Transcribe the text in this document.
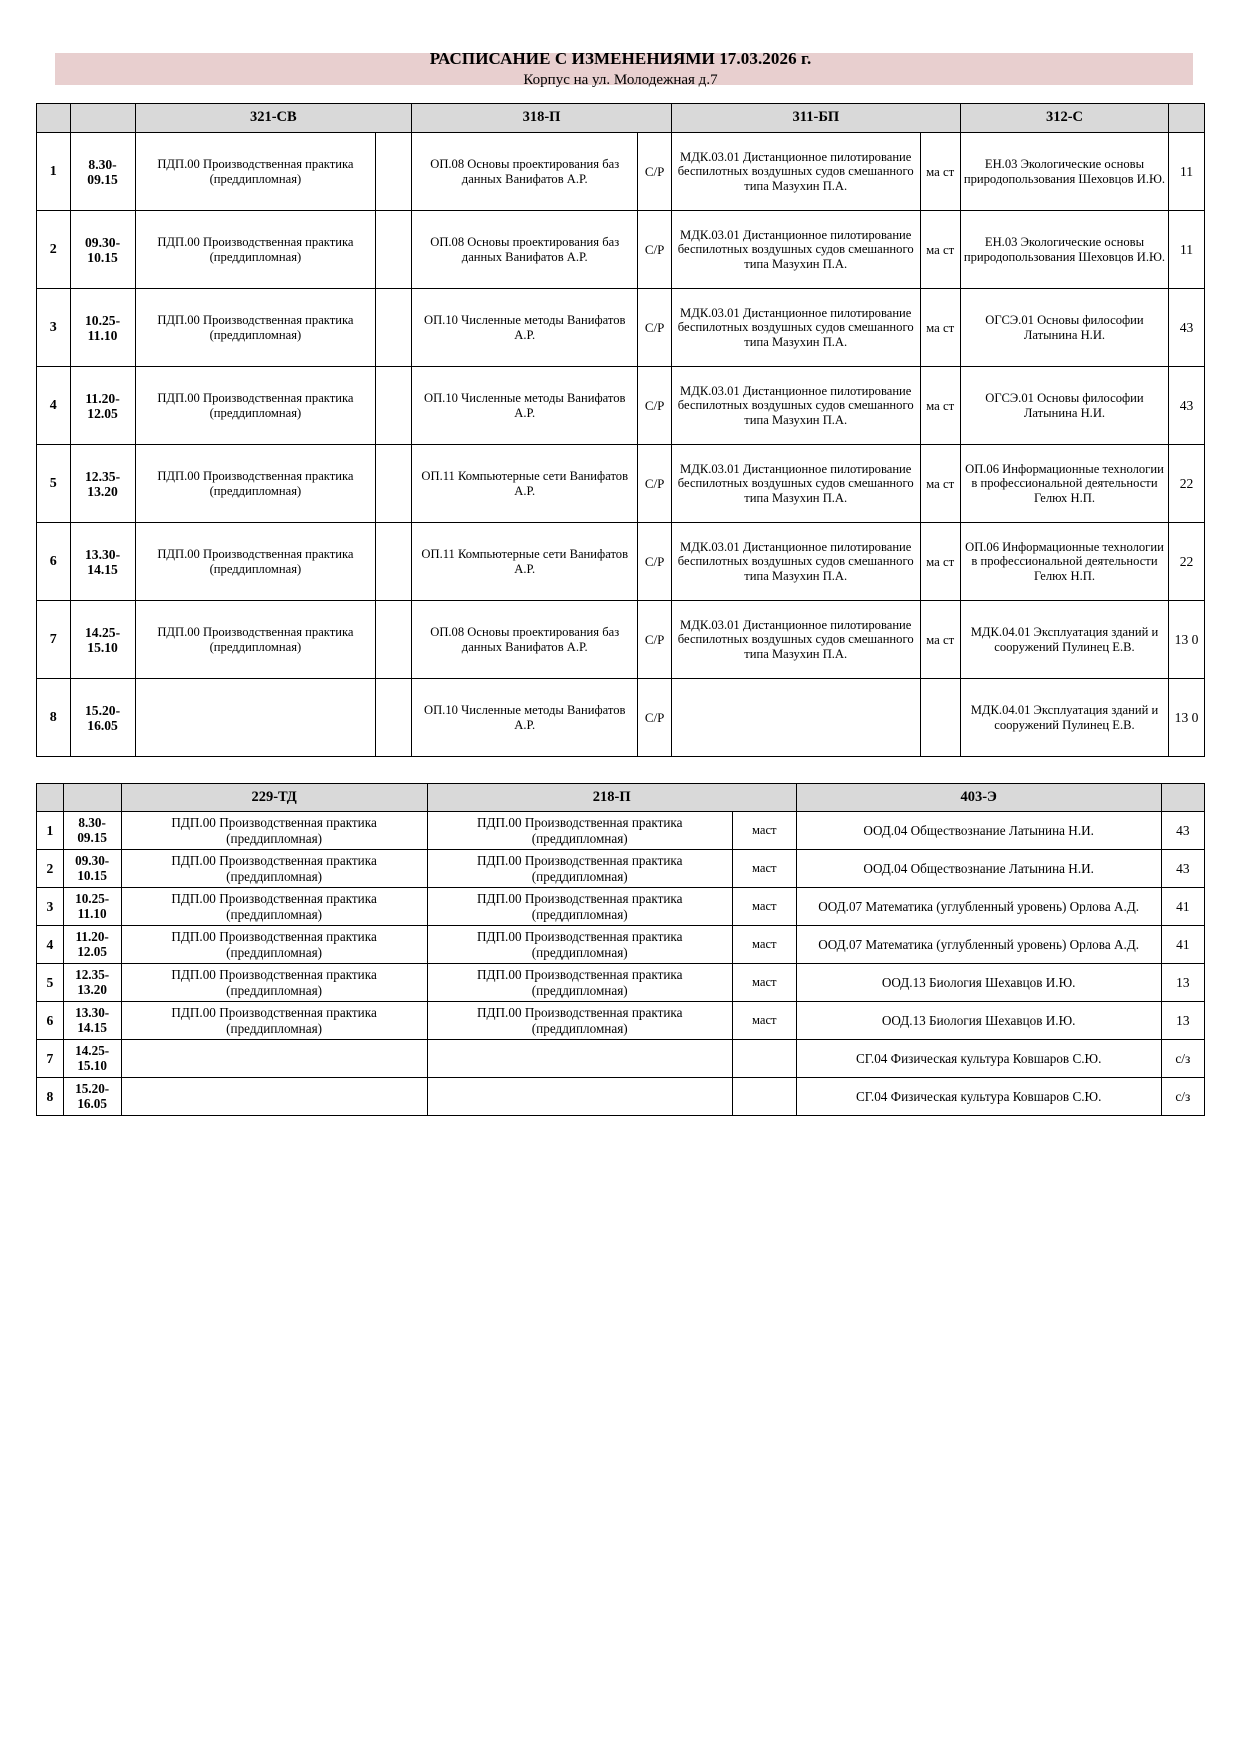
РАСПИСАНИЕ С ИЗМЕНЕНИЯМИ 17.03.2026 г.
Корпус на ул. Молодежная д.7
		321-СВ		318-П		311-БП		312-С	
1	8.30-09.15	ПДП.00 Производственная практика (преддипломная)		ОП.08 Основы проектирования баз данных Ванифатов А.Р.	С/Р	МДК.03.01 Дистанционное пилотирование беспилотных воздушных судов смешанного типа Мазухин П.А.	ма ст	ЕН.03 Экологические основы природопользования Шеховцов И.Ю.	11
2	09.30-10.15	ПДП.00 Производственная практика (преддипломная)		ОП.08 Основы проектирования баз данных Ванифатов А.Р.	С/Р	МДК.03.01 Дистанционное пилотирование беспилотных воздушных судов смешанного типа Мазухин П.А.	ма ст	ЕН.03 Экологические основы природопользования Шеховцов И.Ю.	11
3	10.25-11.10	ПДП.00 Производственная практика (преддипломная)		ОП.10 Численные методы Ванифатов А.Р.	С/Р	МДК.03.01 Дистанционное пилотирование беспилотных воздушных судов смешанного типа Мазухин П.А.	ма ст	ОГСЭ.01 Основы философии Латынина Н.И.	43
4	11.20-12.05	ПДП.00 Производственная практика (преддипломная)		ОП.10 Численные методы Ванифатов А.Р.	С/Р	МДК.03.01 Дистанционное пилотирование беспилотных воздушных судов смешанного типа Мазухин П.А.	ма ст	ОГСЭ.01 Основы философии Латынина Н.И.	43
5	12.35-13.20	ПДП.00 Производственная практика (преддипломная)		ОП.11 Компьютерные сети Ванифатов А.Р.	С/Р	МДК.03.01 Дистанционное пилотирование беспилотных воздушных судов смешанного типа Мазухин П.А.	ма ст	ОП.06 Информационные технологии в профессиональной деятельности Гелюх Н.П.	22
6	13.30-14.15	ПДП.00 Производственная практика (преддипломная)		ОП.11 Компьютерные сети Ванифатов А.Р.	С/Р	МДК.03.01 Дистанционное пилотирование беспилотных воздушных судов смешанного типа Мазухин П.А.	ма ст	ОП.06 Информационные технологии в профессиональной деятельности Гелюх Н.П.	22
7	14.25-15.10	ПДП.00 Производственная практика (преддипломная)		ОП.08 Основы проектирования баз данных Ванифатов А.Р.	С/Р	МДК.03.01 Дистанционное пилотирование беспилотных воздушных судов смешанного типа Мазухин П.А.	ма ст	МДК.04.01 Эксплуатация зданий и сооружений Пулинец Е.В.	13 0
8	15.20-16.05			ОП.10 Численные методы Ванифатов А.Р.	С/Р			МДК.04.01 Эксплуатация зданий и сооружений Пулинец Е.В.	13 0
		229-ТД	218-П		403-Э	
1	8.30-09.15	ПДП.00 Производственная практика (преддипломная)	ПДП.00 Производственная практика (преддипломная)	маст	ООД.04 Обществознание Латынина Н.И.	43
2	09.30-10.15	ПДП.00 Производственная практика (преддипломная)	ПДП.00 Производственная практика (преддипломная)	маст	ООД.04 Обществознание Латынина Н.И.	43
3	10.25-11.10	ПДП.00 Производственная практика (преддипломная)	ПДП.00 Производственная практика (преддипломная)	маст	ООД.07 Математика (углубленный уровень) Орлова А.Д.	41
4	11.20-12.05	ПДП.00 Производственная практика (преддипломная)	ПДП.00 Производственная практика (преддипломная)	маст	ООД.07 Математика (углубленный уровень) Орлова А.Д.	41
5	12.35-13.20	ПДП.00 Производственная практика (преддипломная)	ПДП.00 Производственная практика (преддипломная)	маст	ООД.13 Биология Шехавцов И.Ю.	13
6	13.30-14.15	ПДП.00 Производственная практика (преддипломная)	ПДП.00 Производственная практика (преддипломная)	маст	ООД.13 Биология Шехавцов И.Ю.	13
7	14.25-15.10				СГ.04 Физическая культура Ковшаров С.Ю.	с/з
8	15.20-16.05				СГ.04 Физическая культура Ковшаров С.Ю.	с/з
